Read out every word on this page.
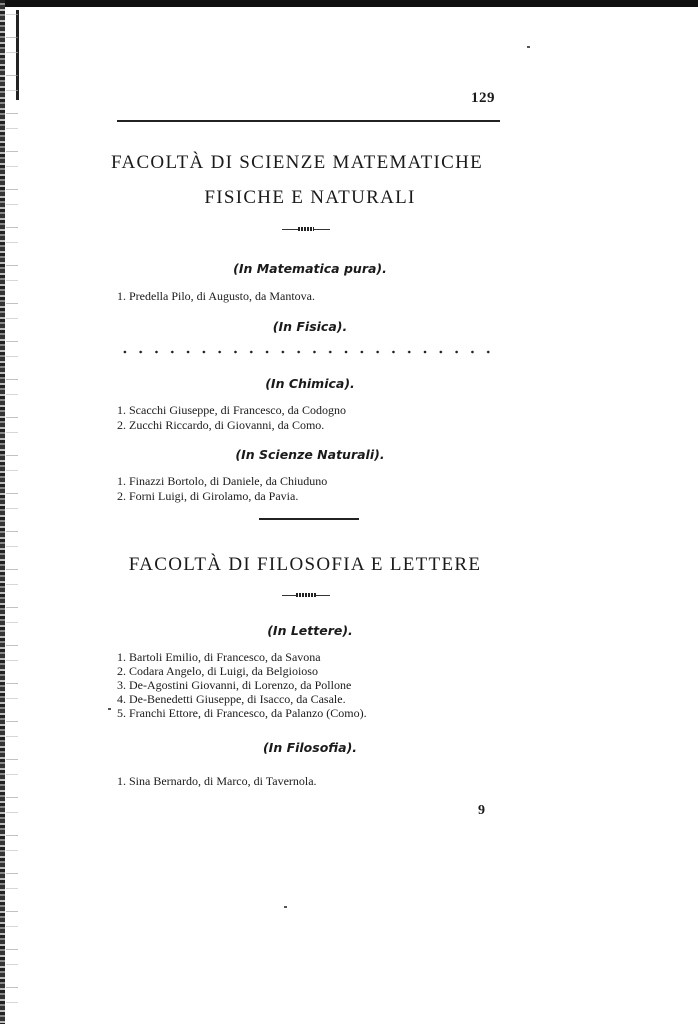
129
FACOLTÀ DI SCIENZE MATEMATICHE
FISICHE E NATURALI
(In Matematica pura).
1. Predella Pilo, di Augusto, da Mantova.
(In Fisica).
(In Chimica).
1. Scacchi Giuseppe, di Francesco, da Codogno
2. Zucchi Riccardo, di Giovanni, da Como.
(In Scienze Naturali).
1. Finazzi Bortolo, di Daniele, da Chiuduno
2. Forni Luigi, di Girolamo, da Pavia.
FACOLTÀ DI FILOSOFIA E LETTERE
(In Lettere).
1. Bartoli Emilio, di Francesco, da Savona
2. Codara Angelo, di Luigi, da Belgioioso
3. De-Agostini Giovanni, di Lorenzo, da Pollone
4. De-Benedetti Giuseppe, di Isacco, da Casale.
5. Franchi Ettore, di Francesco, da Palanzo (Como).
(In Filosofia).
1. Sina Bernardo, di Marco, di Tavernola.
9
